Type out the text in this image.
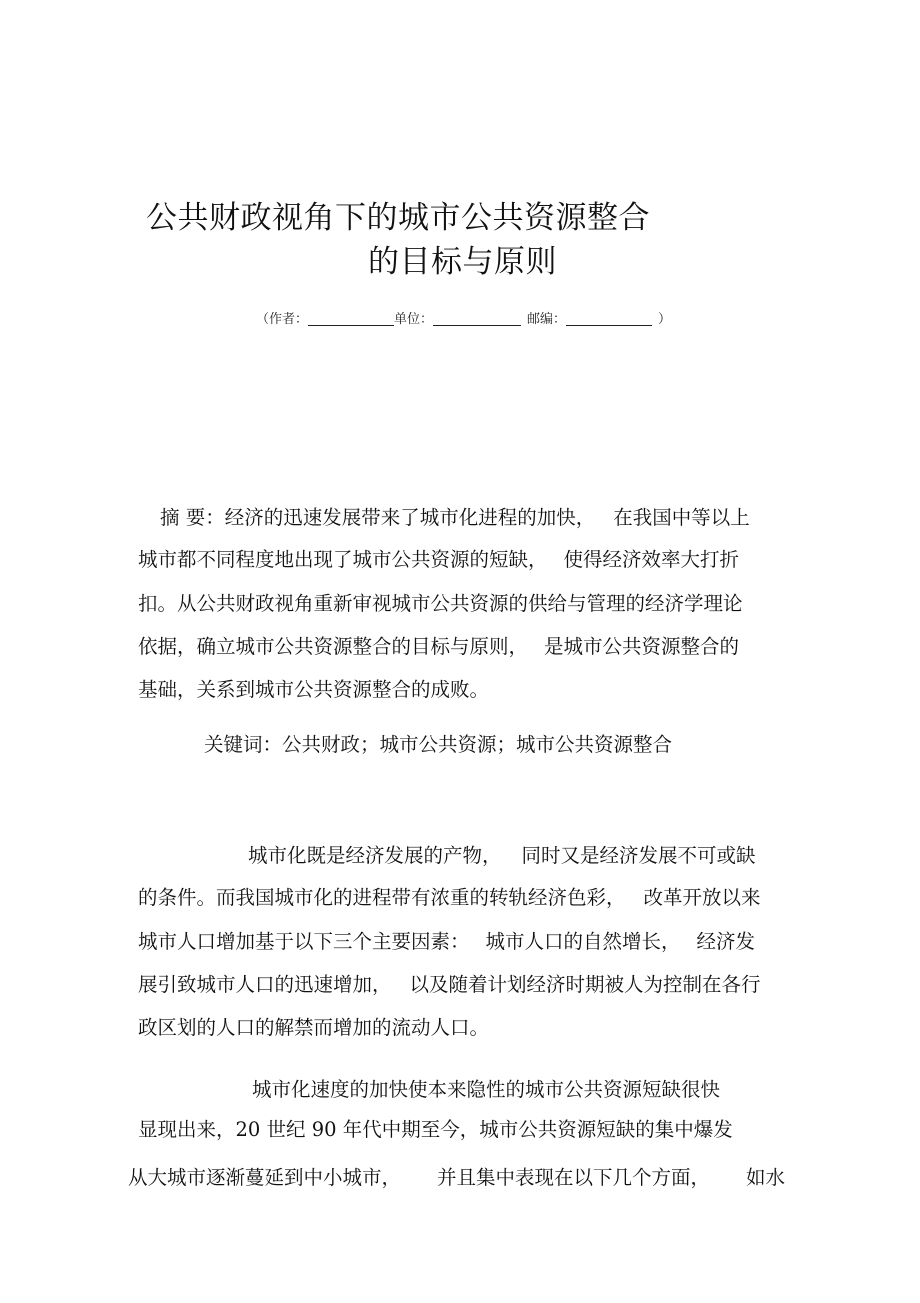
公共财政视角下的城市公共资源整合
的目标与原则
（作者：	单位：	邮编：	）
摘 要：经济的迅速发展带来了城市化进程的加快， 在我国中等以上
城市都不同程度地出现了城市公共资源的短缺， 使得经济效率大打折
扣。从公共财政视角重新审视城市公共资源的供给与管理的经济学理论
依据，确立城市公共资源整合的目标与原则， 是城市公共资源整合的
基础，关系到城市公共资源整合的成败。
关键词：公共财政；城市公共资源；城市公共资源整合
城市化既是经济发展的产物， 同时又是经济发展不可或缺
的条件。而我国城市化的进程带有浓重的转轨经济色彩， 改革开放以来
城市人口增加基于以下三个主要因素： 城市人口的自然增长， 经济发
展引致城市人口的迅速增加， 以及随着计划经济时期被人为控制在各行
政区划的人口的解禁而增加的流动人口。
城市化速度的加快使本来隐性的城市公共资源短缺很快
显现出来，20 世纪 90 年代中期至今，城市公共资源短缺的集中爆发
从大城市逐渐蔓延到中小城市， 并且集中表现在以下几个方面， 如水
